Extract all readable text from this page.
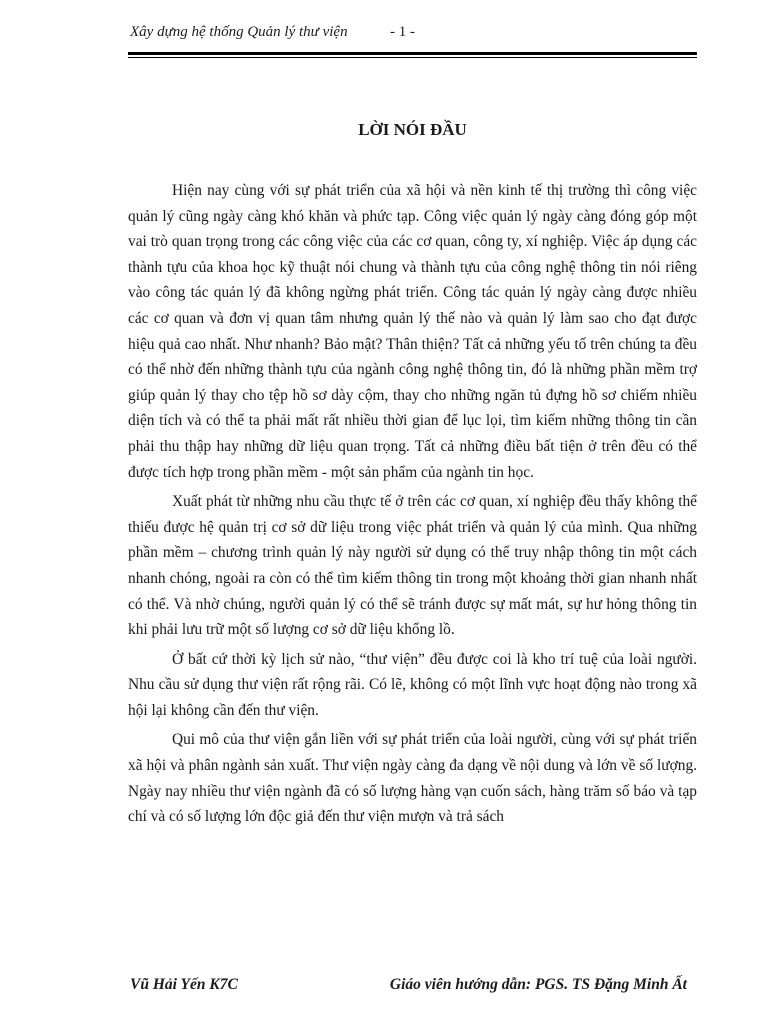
Xây dựng hệ thống Quản lý thư viện	- 1 -
LỜI NÓI ĐẦU

Hiện nay cùng với sự phát triển của xã hội và nền kinh tế thị trường thì công việc quản lý cũng ngày càng khó khăn và phức tạp. Công việc quản lý ngày càng đóng góp một vai trò quan trọng trong các công việc của các cơ quan, công ty, xí nghiệp. Việc áp dụng các thành tựu của khoa học kỹ thuật nói chung và thành tựu của công nghệ thông tin nói riêng vào công tác quản lý đã không ngừng phát triển. Công tác quản lý ngày càng được nhiều các cơ quan và đơn vị quan tâm nhưng quản lý thế nào và quản lý làm sao cho đạt được hiệu quả cao nhất. Như nhanh? Bảo mật? Thân thiện? Tất cả những yếu tố trên chúng ta đều có thể nhờ đến những thành tựu của ngành công nghệ thông tin, đó là những phần mềm trợ giúp quản lý thay cho tệp hồ sơ dày cộm, thay cho những ngăn tủ đựng hồ sơ chiếm nhiều diện tích và có thể ta phải mất rất nhiều thời gian để lục lọi, tìm kiếm những thông tin cần phải thu thập hay những dữ liệu quan trọng. Tất cả những điều bất tiện ở trên đều có thể được tích hợp trong phần mềm - một sản phẩm của ngành tin học.

Xuất phát từ những nhu cầu thực tế ở trên các cơ quan, xí nghiệp đều thấy không thể thiếu được hệ quản trị cơ sở dữ liệu trong việc phát triển và quản lý của mình. Qua những phần mềm – chương trình quản lý này người sử dụng có thể truy nhập thông tin một cách nhanh chóng, ngoài ra còn có thể tìm kiếm thông tin trong một khoảng thời gian nhanh nhất có thể. Và nhờ chúng, người quản lý có thể sẽ tránh được sự mất mát, sự hư hỏng thông tin khi phải lưu trữ một số lượng cơ sở dữ liệu khổng lồ.

Ở bất cứ thời kỳ lịch sử nào, “thư viện” đều được coi là kho trí tuệ của loài người. Nhu cầu sử dụng thư viện rất rộng rãi. Có lẽ, không có một lĩnh vực hoạt động nào trong xã hội lại không cần đến thư viện.

Qui mô của thư viện gắn liền với sự phát triển của loài người, cùng với sự phát triển xã hội và phân ngành sản xuất. Thư viện ngày càng đa dạng về nội dung và lớn về số lượng. Ngày nay nhiều thư viện ngành đã có số lượng hàng vạn cuốn sách, hàng trăm số báo và tạp chí và có số lượng lớn độc giả đến thư viện mượn và trả sách

Vũ Hải Yến K7C	Giáo viên hướng dẫn: PGS. TS Đặng Minh Ất
